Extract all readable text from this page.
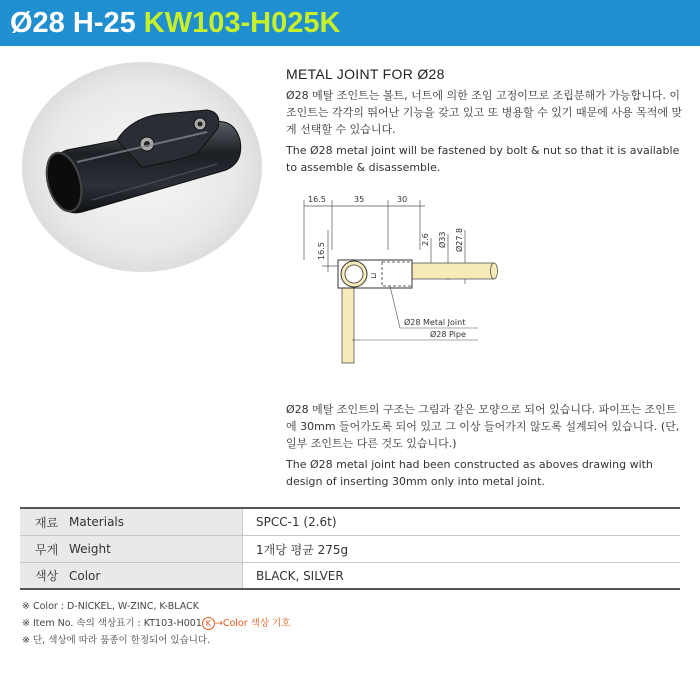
Ø28 H-25 KW103-H025K
METAL JOINT FOR Ø28
Ø28 메탈 조인트는 볼트, 너트에 의한 조임 고정이므로 조립분해가 가능합니다. 이 조인트는 각각의 뛰어난 기능을 갖고 있고 또 병용할 수 있기 때문에 사용 목적에 맞게 선택할 수 있습니다.
The Ø28 metal joint will be fastened by bolt & nut so that it is available to assemble & disassemble.
⊐
16.5	35	30
16.5
2.6 Ø33 Ø27.8
Ø28 Metal Joint
Ø28 Pipe
Ø28 메탈 조인트의 구조는 그림과 같은 모양으로 되어 있습니다. 파이프는 조인트에 30mm 들어가도록 되어 있고 그 이상 들어가지 않도록 설계되어 있습니다. (단, 일부 조인트는 다른 것도 있습니다.)
The Ø28 metal joint had been constructed as aboves drawing with design of inserting 30mm only into metal joint.
재료 Materials	SPCC-1 (2.6t)
무게 Weight	1개당 평균 275g
색상 Color	BLACK, SILVER
※ Color : D-NICKEL, W-ZINC, K-BLACK
※ Item No. 속의 색상표기 : KT103-H001 K →Color 색상 기호
※ 단, 색상에 따라 품종이 한정되어 있습니다.
